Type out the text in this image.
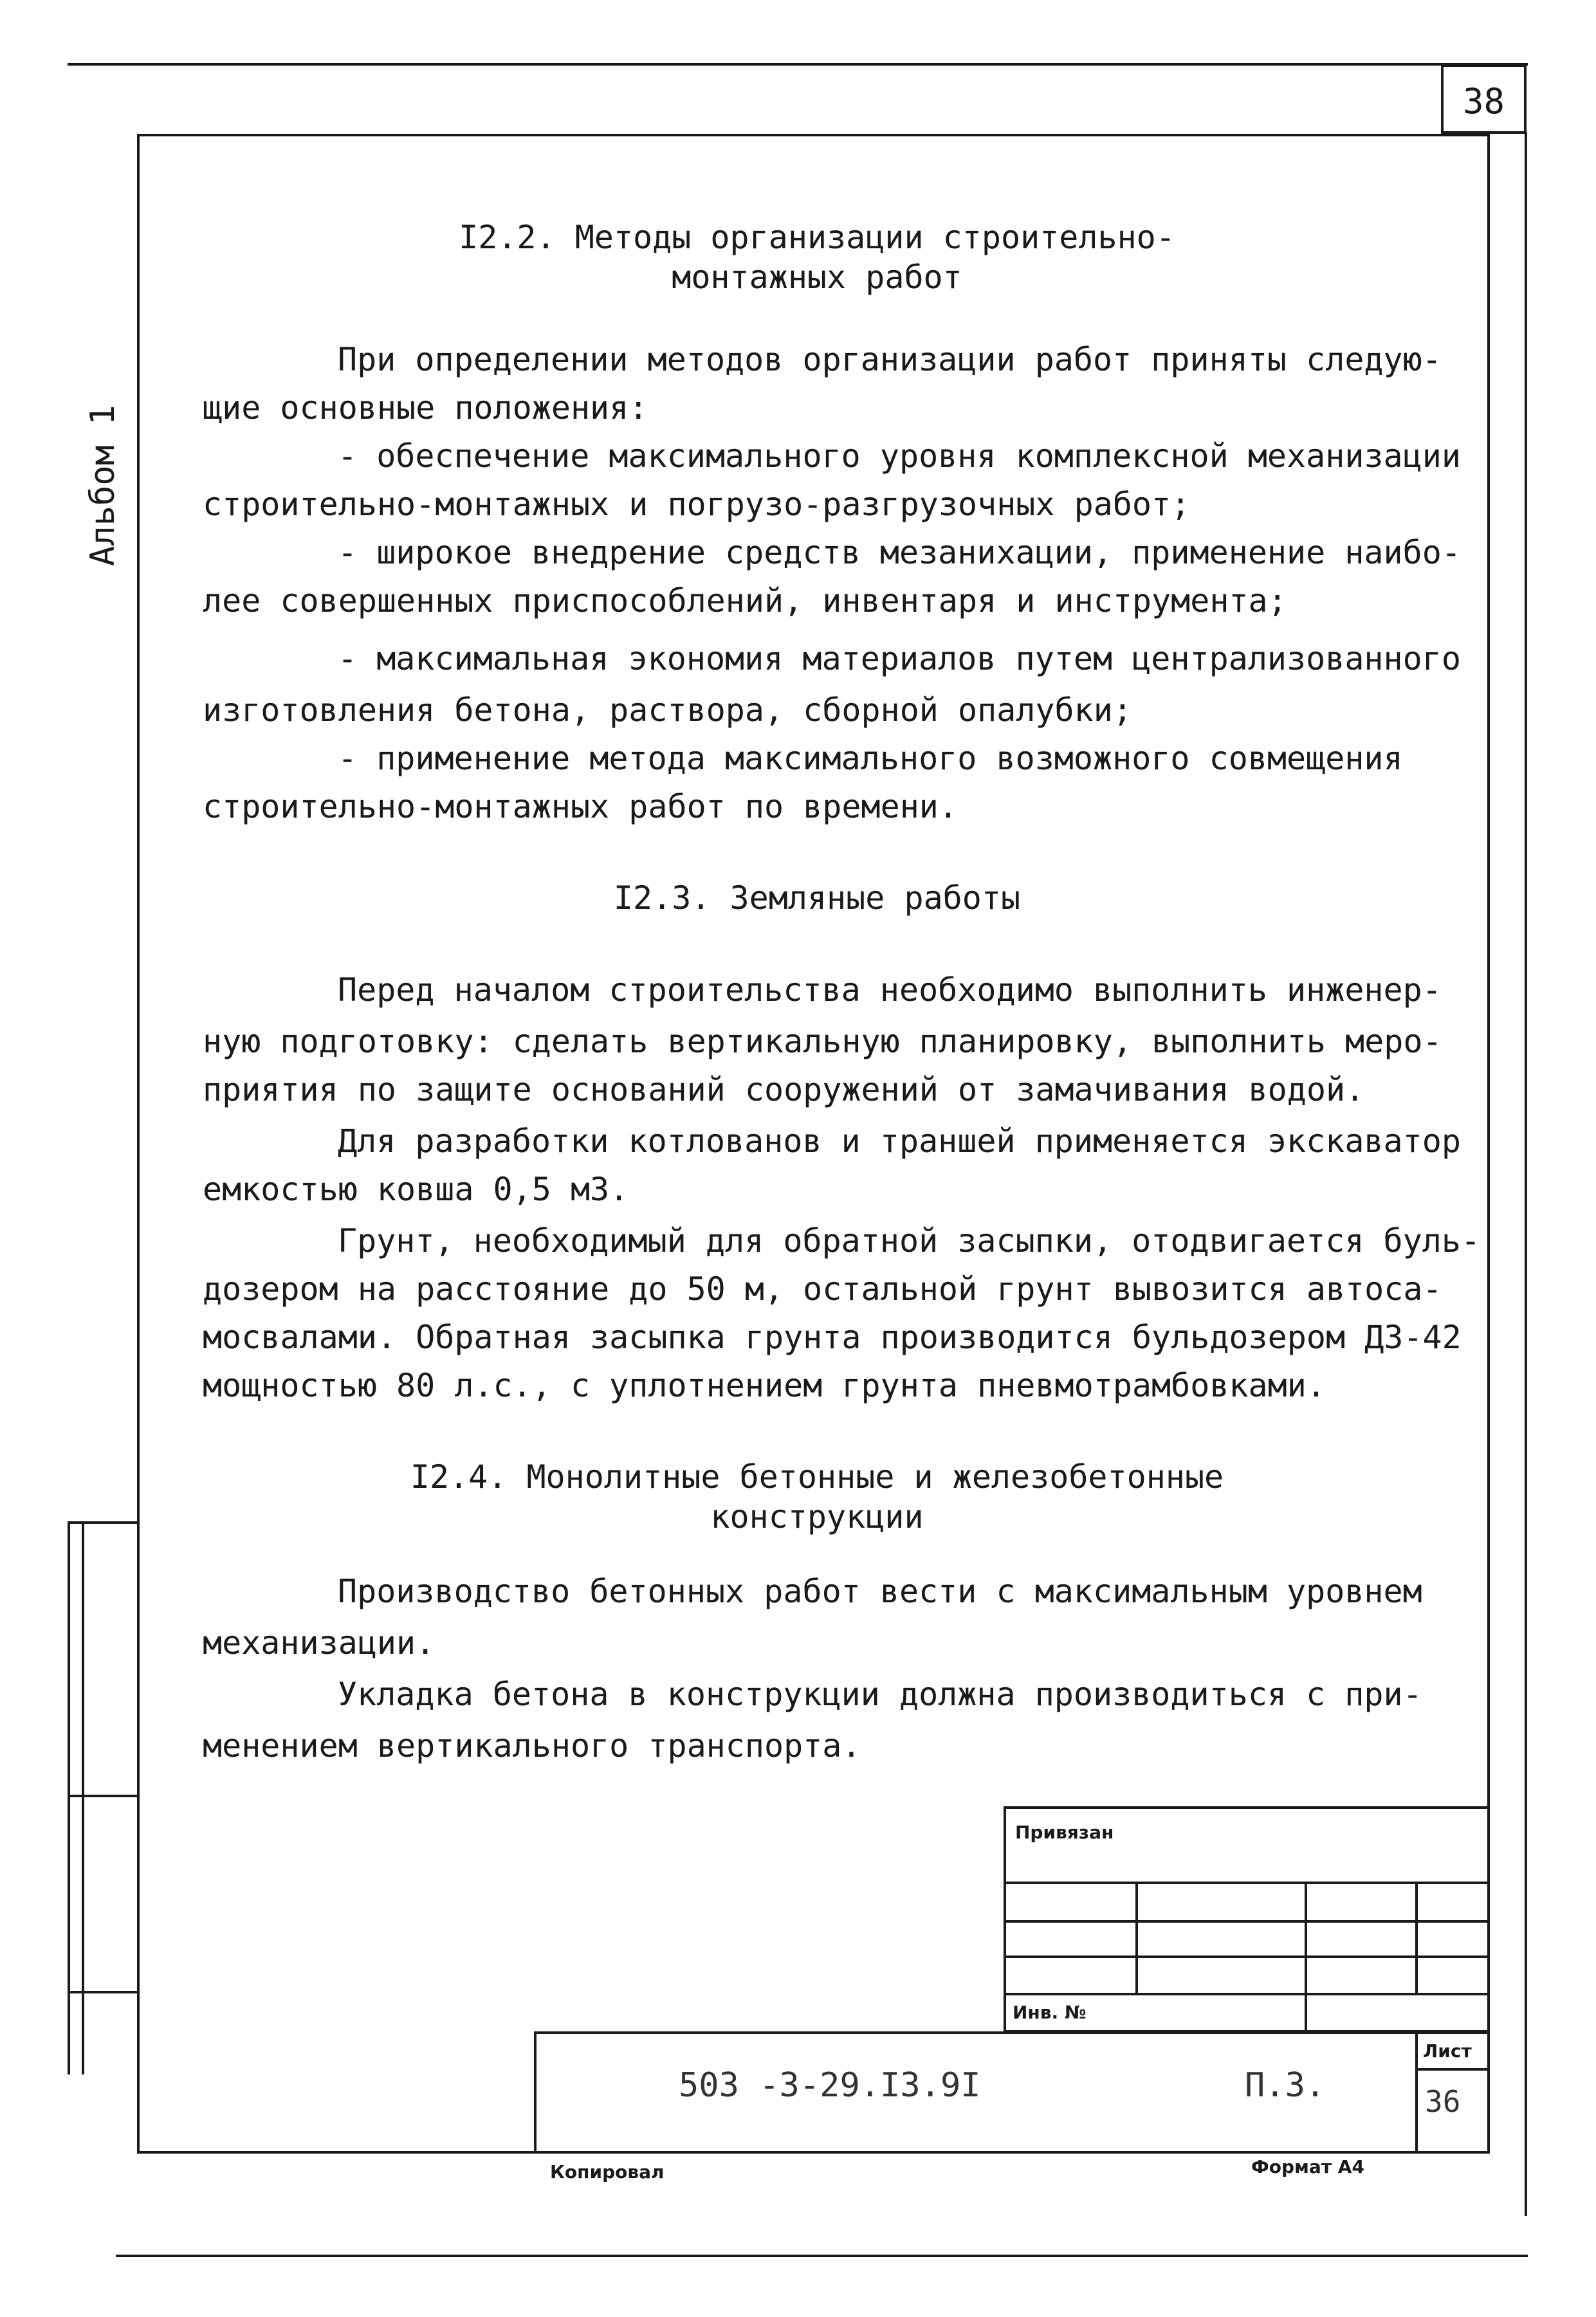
38
Альбом 1
I2.2. Методы организации строительно-
монтажных работ
При определении методов организации работ приняты следую-
щие основные положения:
- обеспечение максимального уровня комплексной механизации
строительно-монтажных и погрузо-разгрузочных работ;
- широкое внедрение средств мезанихации, применение наибо-
лее совершенных приспособлений, инвентаря и инструмента;
- максимальная экономия материалов путем централизованного
изготовления бетона, раствора, сборной опалубки;
- применение метода максимального возможного совмещения
строительно-монтажных работ по времени.
I2.3. Земляные работы
Перед началом строительства необходимо выполнить инженер-
ную подготовку: сделать вертикальную планировку, выполнить меро-
приятия по защите оснований сооружений от замачивания водой.
Для разработки котлованов и траншей применяется экскаватор
емкостью ковша 0,5 м3.
Грунт, необходимый для обратной засыпки, отодвигается буль-
дозером на расстояние до 50 м, остальной грунт вывозится автоса-
мосвалами. Обратная засыпка грунта производится бульдозером ДЗ-42
мощностью 80 л.с., с уплотнением грунта пневмотрамбовками.
I2.4. Монолитные бетонные и железобетонные
конструкции
Производство бетонных работ вести с максимальным уровнем
механизации.
Укладка бетона в конструкции должна производиться с при-
менением вертикального транспорта.
Привязан
Инв. №
503 -3-29.I3.9I	П.3.
Лист
36
Копировал	Формат А4
